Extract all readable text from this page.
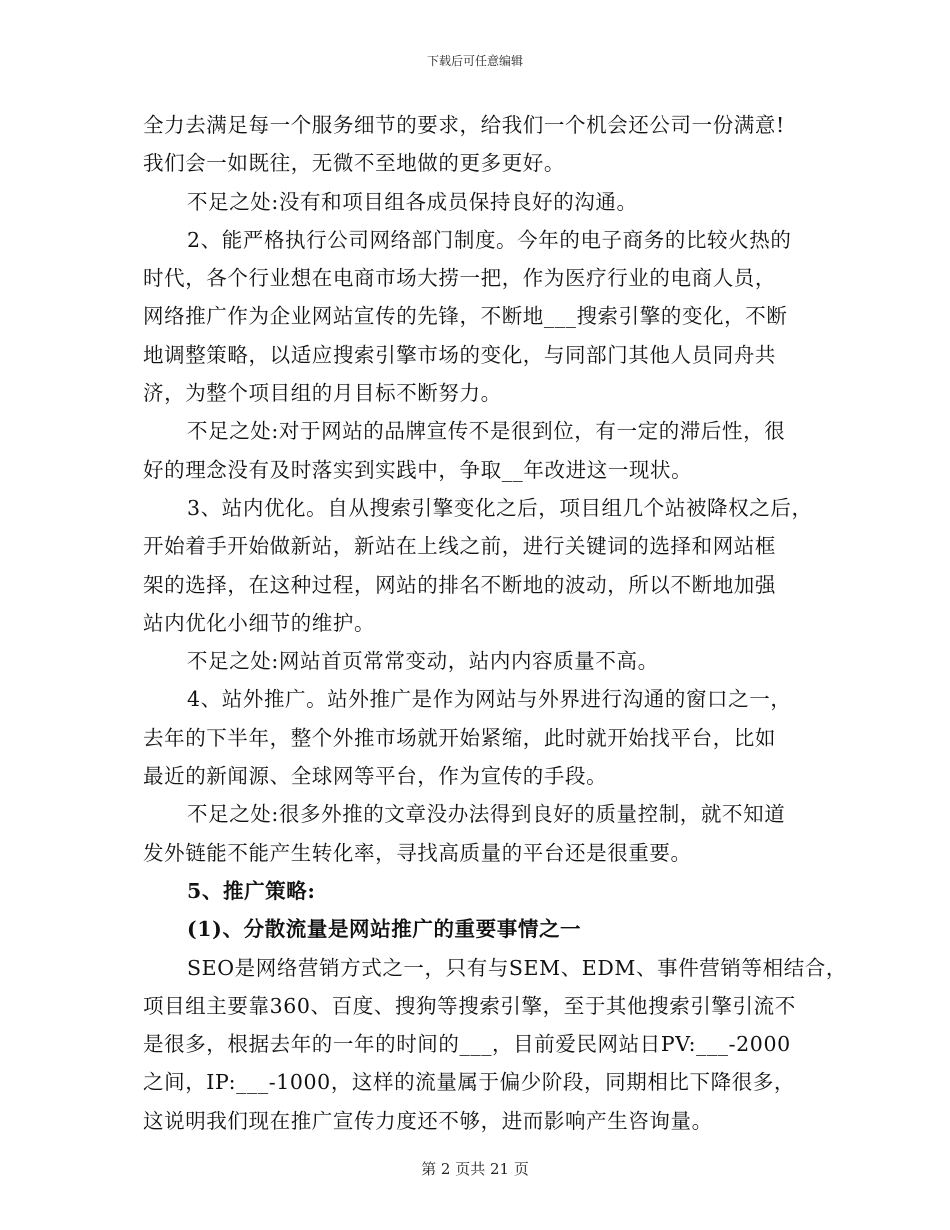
下载后可任意编辑
全力去满足每一个服务细节的要求，给我们一个机会还公司一份满意!
我们会一如既往，无微不至地做的更多更好。
不足之处:没有和项目组各成员保持良好的沟通。
2、能严格执行公司网络部门制度。今年的电子商务的比较火热的
时代，各个行业想在电商市场大捞一把，作为医疗行业的电商人员，
网络推广作为企业网站宣传的先锋，不断地___搜索引擎的变化，不断
地调整策略，以适应搜索引擎市场的变化，与同部门其他人员同舟共
济，为整个项目组的月目标不断努力。
不足之处:对于网站的品牌宣传不是很到位，有一定的滞后性，很
好的理念没有及时落实到实践中，争取__年改进这一现状。
3、站内优化。自从搜索引擎变化之后，项目组几个站被降权之后，
开始着手开始做新站，新站在上线之前，进行关键词的选择和网站框
架的选择，在这种过程，网站的排名不断地的波动，所以不断地加强
站内优化小细节的维护。
不足之处:网站首页常常变动，站内内容质量不高。
4、站外推广。站外推广是作为网站与外界进行沟通的窗口之一，
去年的下半年，整个外推市场就开始紧缩，此时就开始找平台，比如
最近的新闻源、全球网等平台，作为宣传的手段。
不足之处:很多外推的文章没办法得到良好的质量控制，就不知道
发外链能不能产生转化率，寻找高质量的平台还是很重要。
5、推广策略:
(1)、分散流量是网站推广的重要事情之一
SEO是网络营销方式之一，只有与SEM、EDM、事件营销等相结合，
项目组主要靠360、百度、搜狗等搜索引擎，至于其他搜索引擎引流不
是很多，根据去年的一年的时间的___，目前爱民网站日PV:___-2000
之间，IP:___-1000，这样的流量属于偏少阶段，同期相比下降很多，
这说明我们现在推广宣传力度还不够，进而影响产生咨询量。
第 2 页共 21 页
